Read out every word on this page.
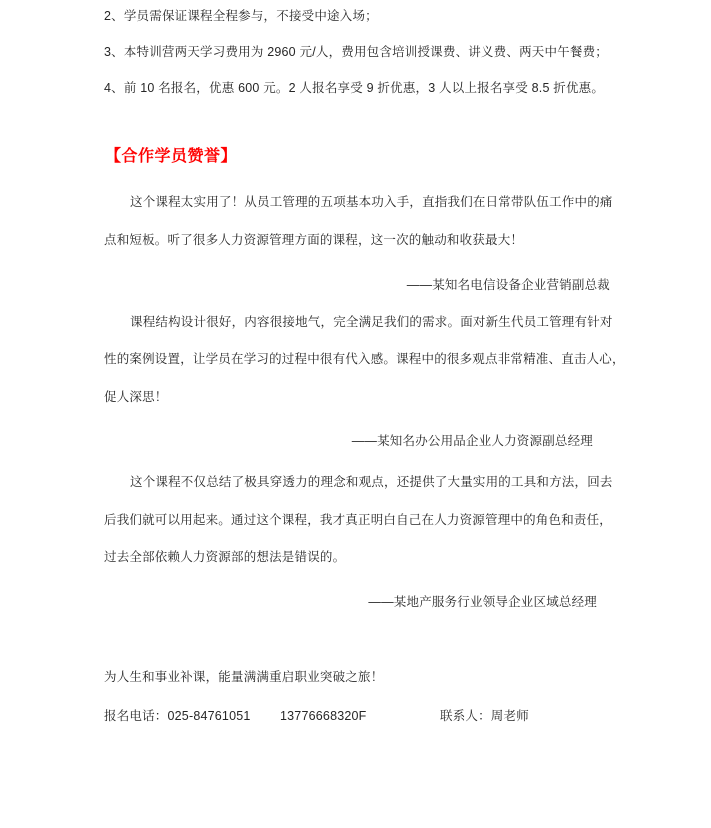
2、学员需保证课程全程参与，不接受中途入场；
3、本特训营两天学习费用为 2960 元/人，费用包含培训授课费、讲义费、两天中午餐费；
4、前 10 名报名，优惠 600 元。2 人报名享受 9 折优惠，3 人以上报名享受 8.5 折优惠。
【合作学员赞誉】
这个课程太实用了！从员工管理的五项基本功入手，直指我们在日常带队伍工作中的痛
点和短板。听了很多人力资源管理方面的课程，这一次的触动和收获最大！
——某知名电信设备企业营销副总裁
课程结构设计很好，内容很接地气，完全满足我们的需求。面对新生代员工管理有针对
性的案例设置，让学员在学习的过程中很有代入感。课程中的很多观点非常精准、直击人心，
促人深思！
——某知名办公用品企业人力资源副总经理
这个课程不仅总结了极具穿透力的理念和观点，还提供了大量实用的工具和方法，回去
后我们就可以用起来。通过这个课程，我才真正明白自己在人力资源管理中的角色和责任，
过去全部依赖人力资源部的想法是错误的。
——某地产服务行业领导企业区域总经理
为人生和事业补课，能量满满重启职业突破之旅！
报名电话：025-84761051 13776668320F	联系人：周老师
